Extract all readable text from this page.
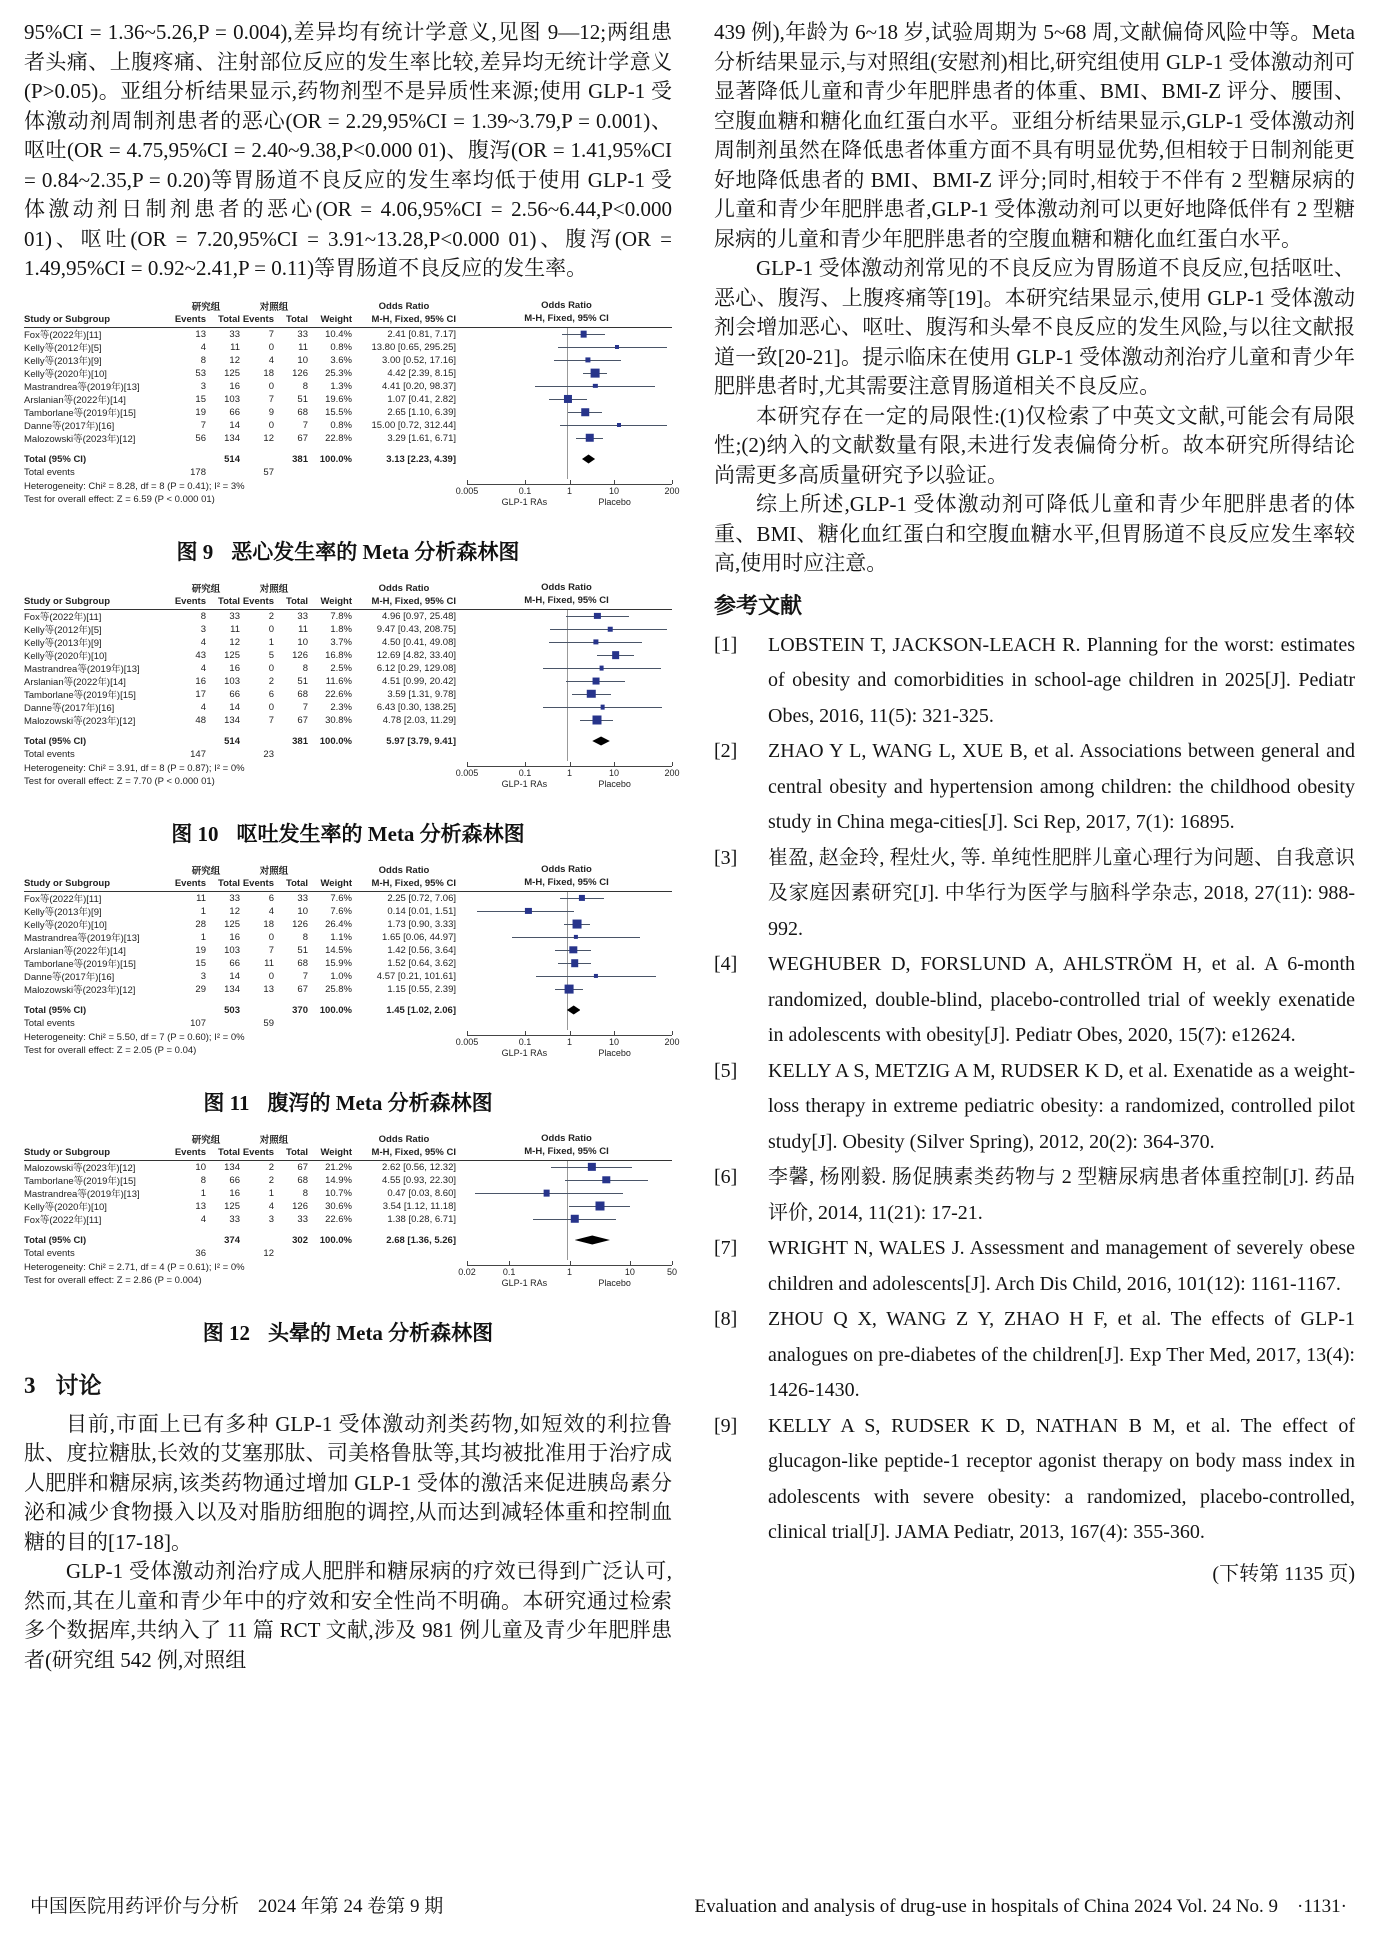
95%CI = 1.36~5.26,P = 0.004),差异均有统计学意义,见图 9—12;两组患者头痛、上腹疼痛、注射部位反应的发生率比较,差异均无统计学意义(P>0.05)。亚组分析结果显示,药物剂型不是异质性来源;使用 GLP-1 受体激动剂周制剂患者的恶心(OR = 2.29,95%CI = 1.39~3.79,P = 0.001)、呕吐(OR = 4.75,95%CI = 2.40~9.38,P<0.000 01)、腹泻(OR = 1.41,95%CI = 0.84~2.35,P = 0.20)等胃肠道不良反应的发生率均低于使用 GLP-1 受体激动剂日制剂患者的恶心(OR = 4.06,95%CI = 2.56~6.44,P<0.000 01)、呕吐(OR = 7.20,95%CI = 3.91~13.28,P<0.000 01)、腹泻(OR = 1.49,95%CI = 0.92~2.41,P = 0.11)等胃肠道不良反应的发生率。

研究组	对照组	Odds Ratio	Odds Ratio
Study or Subgroup	Events	Total Events	Total	Weight	M-H, Fixed, 95% CI	M-H, Fixed, 95% CI
Fox等(2022年)[11]	13	33	7	33	10.4%	2.41 [0.81, 7.17]
Kelly等(2012年)[5]	4	11	0	11	0.8%	13.80 [0.65, 295.25]
Kelly等(2013年)[9]	8	12	4	10	3.6%	3.00 [0.52, 17.16]
Kelly等(2020年)[10]	53	125	18	126	25.3%	4.42 [2.39, 8.15]
Mastrandrea等(2019年)[13]	3	16	0	8	1.3%	4.41 [0.20, 98.37]
Arslanian等(2022年)[14]	15	103	7	51	19.6%	1.07 [0.41, 2.82]
Tamborlane等(2019年)[15]	19	66	9	68	15.5%	2.65 [1.10, 6.39]
Danne等(2017年)[16]	7	14	0	7	0.8%	15.00 [0.72, 312.44]
Malozowski等(2023年)[12]	56	134	12	67	22.8%	3.29 [1.61, 6.71]
Total (95% CI)	514	381	100.0%	3.13 [2.23, 4.39]
Total events	178	57
Heterogeneity: Chi² = 8.28, df = 8 (P = 0.41); I² = 3%
Test for overall effect: Z = 6.59 (P < 0.000 01)
0.005	0.1	1	10	200
GLP-1 RAs	Placebo
图 9 恶心发生率的 Meta 分析森林图
研究组	对照组	Odds Ratio	Odds Ratio
Study or Subgroup	Events	Total Events	Total	Weight	M-H, Fixed, 95% CI	M-H, Fixed, 95% CI
Fox等(2022年)[11]	8	33	2	33	7.8%	4.96 [0.97, 25.48]
Kelly等(2012年)[5]	3	11	0	11	1.8%	9.47 [0.43, 208.75]
Kelly等(2013年)[9]	4	12	1	10	3.7%	4.50 [0.41, 49.08]
Kelly等(2020年)[10]	43	125	5	126	16.8%	12.69 [4.82, 33.40]
Mastrandrea等(2019年)[13]	4	16	0	8	2.5%	6.12 [0.29, 129.08]
Arslanian等(2022年)[14]	16	103	2	51	11.6%	4.51 [0.99, 20.42]
Tamborlane等(2019年)[15]	17	66	6	68	22.6%	3.59 [1.31, 9.78]
Danne等(2017年)[16]	4	14	0	7	2.3%	6.43 [0.30, 138.25]
Malozowski等(2023年)[12]	48	134	7	67	30.8%	4.78 [2.03, 11.29]
Total (95% CI)	514	381	100.0%	5.97 [3.79, 9.41]
Total events	147	23
Heterogeneity: Chi² = 3.91, df = 8 (P = 0.87); I² = 0%
Test for overall effect: Z = 7.70 (P < 0.000 01)
0.005	0.1	1	10	200
GLP-1 RAs	Placebo
图 10 呕吐发生率的 Meta 分析森林图
研究组	对照组	Odds Ratio	Odds Ratio
Study or Subgroup	Events	Total Events	Total	Weight	M-H, Fixed, 95% CI	M-H, Fixed, 95% CI
Fox等(2022年)[11]	11	33	6	33	7.6%	2.25 [0.72, 7.06]
Kelly等(2013年)[9]	1	12	4	10	7.6%	0.14 [0.01, 1.51]
Kelly等(2020年)[10]	28	125	18	126	26.4%	1.73 [0.90, 3.33]
Mastrandrea等(2019年)[13]	1	16	0	8	1.1%	1.65 [0.06, 44.97]
Arslanian等(2022年)[14]	19	103	7	51	14.5%	1.42 [0.56, 3.64]
Tamborlane等(2019年)[15]	15	66	11	68	15.9%	1.52 [0.64, 3.62]
Danne等(2017年)[16]	3	14	0	7	1.0%	4.57 [0.21, 101.61]
Malozowski等(2023年)[12]	29	134	13	67	25.8%	1.15 [0.55, 2.39]
Total (95% CI)	503	370	100.0%	1.45 [1.02, 2.06]
Total events	107	59
Heterogeneity: Chi² = 5.50, df = 7 (P = 0.60); I² = 0%
Test for overall effect: Z = 2.05 (P = 0.04)
0.005	0.1	1	10	200
GLP-1 RAs	Placebo
图 11 腹泻的 Meta 分析森林图
研究组	对照组	Odds Ratio	Odds Ratio
Study or Subgroup	Events	Total Events	Total	Weight	M-H, Fixed, 95% CI	M-H, Fixed, 95% CI
Malozowski等(2023年)[12]	10	134	2	67	21.2%	2.62 [0.56, 12.32]
Tamborlane等(2019年)[15]	8	66	2	68	14.9%	4.55 [0.93, 22.30]
Mastrandrea等(2019年)[13]	1	16	1	8	10.7%	0.47 [0.03, 8.60]
Kelly等(2020年)[10]	13	125	4	126	30.6%	3.54 [1.12, 11.18]
Fox等(2022年)[11]	4	33	3	33	22.6%	1.38 [0.28, 6.71]
Total (95% CI)	374	302	100.0%	2.68 [1.36, 5.26]
Total events	36	12
Heterogeneity: Chi² = 2.71, df = 4 (P = 0.61); I² = 0%
Test for overall effect: Z = 2.86 (P = 0.004)
0.02	0.1	1	10	50
GLP-1 RAs	Placebo
图 12 头晕的 Meta 分析森林图
3 讨论

目前,市面上已有多种 GLP-1 受体激动剂类药物,如短效的利拉鲁肽、度拉糖肽,长效的艾塞那肽、司美格鲁肽等,其均被批准用于治疗成人肥胖和糖尿病,该类药物通过增加 GLP-1 受体的激活来促进胰岛素分泌和减少食物摄入以及对脂肪细胞的调控,从而达到减轻体重和控制血糖的目的[17-18]。

GLP-1 受体激动剂治疗成人肥胖和糖尿病的疗效已得到广泛认可,然而,其在儿童和青少年中的疗效和安全性尚不明确。本研究通过检索多个数据库,共纳入了 11 篇 RCT 文献,涉及 981 例儿童及青少年肥胖患者(研究组 542 例,对照组

439 例),年龄为 6~18 岁,试验周期为 5~68 周,文献偏倚风险中等。Meta 分析结果显示,与对照组(安慰剂)相比,研究组使用 GLP-1 受体激动剂可显著降低儿童和青少年肥胖患者的体重、BMI、BMI-Z 评分、腰围、空腹血糖和糖化血红蛋白水平。亚组分析结果显示,GLP-1 受体激动剂周制剂虽然在降低患者体重方面不具有明显优势,但相较于日制剂能更好地降低患者的 BMI、BMI-Z 评分;同时,相较于不伴有 2 型糖尿病的儿童和青少年肥胖患者,GLP-1 受体激动剂可以更好地降低伴有 2 型糖尿病的儿童和青少年肥胖患者的空腹血糖和糖化血红蛋白水平。

GLP-1 受体激动剂常见的不良反应为胃肠道不良反应,包括呕吐、恶心、腹泻、上腹疼痛等[19]。本研究结果显示,使用 GLP-1 受体激动剂会增加恶心、呕吐、腹泻和头晕不良反应的发生风险,与以往文献报道一致[20-21]。提示临床在使用 GLP-1 受体激动剂治疗儿童和青少年肥胖患者时,尤其需要注意胃肠道相关不良反应。

本研究存在一定的局限性:(1)仅检索了中英文文献,可能会有局限性;(2)纳入的文献数量有限,未进行发表偏倚分析。故本研究所得结论尚需更多高质量研究予以验证。

综上所述,GLP-1 受体激动剂可降低儿童和青少年肥胖患者的体重、BMI、糖化血红蛋白和空腹血糖水平,但胃肠道不良反应发生率较高,使用时应注意。

参考文献
[1]	LOBSTEIN T, JACKSON-LEACH R. Planning for the worst: estimates of obesity and comorbidities in school-age children in 2025[J]. Pediatr Obes, 2016, 11(5): 321-325.
[2]	ZHAO Y L, WANG L, XUE B, et al. Associations between general and central obesity and hypertension among children: the childhood obesity study in China mega-cities[J]. Sci Rep, 2017, 7(1): 16895.
[3]	崔盈, 赵金玲, 程灶火, 等. 单纯性肥胖儿童心理行为问题、自我意识及家庭因素研究[J]. 中华行为医学与脑科学杂志, 2018, 27(11): 988-992.
[4]	WEGHUBER D, FORSLUND A, AHLSTRÖM H, et al. A 6-month randomized, double-blind, placebo-controlled trial of weekly exenatide in adolescents with obesity[J]. Pediatr Obes, 2020, 15(7): e12624.
[5]	KELLY A S, METZIG A M, RUDSER K D, et al. Exenatide as a weight-loss therapy in extreme pediatric obesity: a randomized, controlled pilot study[J]. Obesity (Silver Spring), 2012, 20(2): 364-370.
[6]	李馨, 杨刚毅. 肠促胰素类药物与 2 型糖尿病患者体重控制[J]. 药品评价, 2014, 11(21): 17-21.
[7]	WRIGHT N, WALES J. Assessment and management of severely obese children and adolescents[J]. Arch Dis Child, 2016, 101(12): 1161-1167.
[8]	ZHOU Q X, WANG Z Y, ZHAO H F, et al. The effects of GLP-1 analogues on pre-diabetes of the children[J]. Exp Ther Med, 2017, 13(4): 1426-1430.
[9]	KELLY A S, RUDSER K D, NATHAN B M, et al. The effect of glucagon-like peptide-1 receptor agonist therapy on body mass index in adolescents with severe obesity: a randomized, placebo-controlled, clinical trial[J]. JAMA Pediatr, 2013, 167(4): 355-360.
(下转第 1135 页)
中国医院用药评价与分析　2024 年第 24 卷第 9 期	Evaluation and analysis of drug-use in hospitals of China 2024 Vol. 24 No. 9　·1131·
